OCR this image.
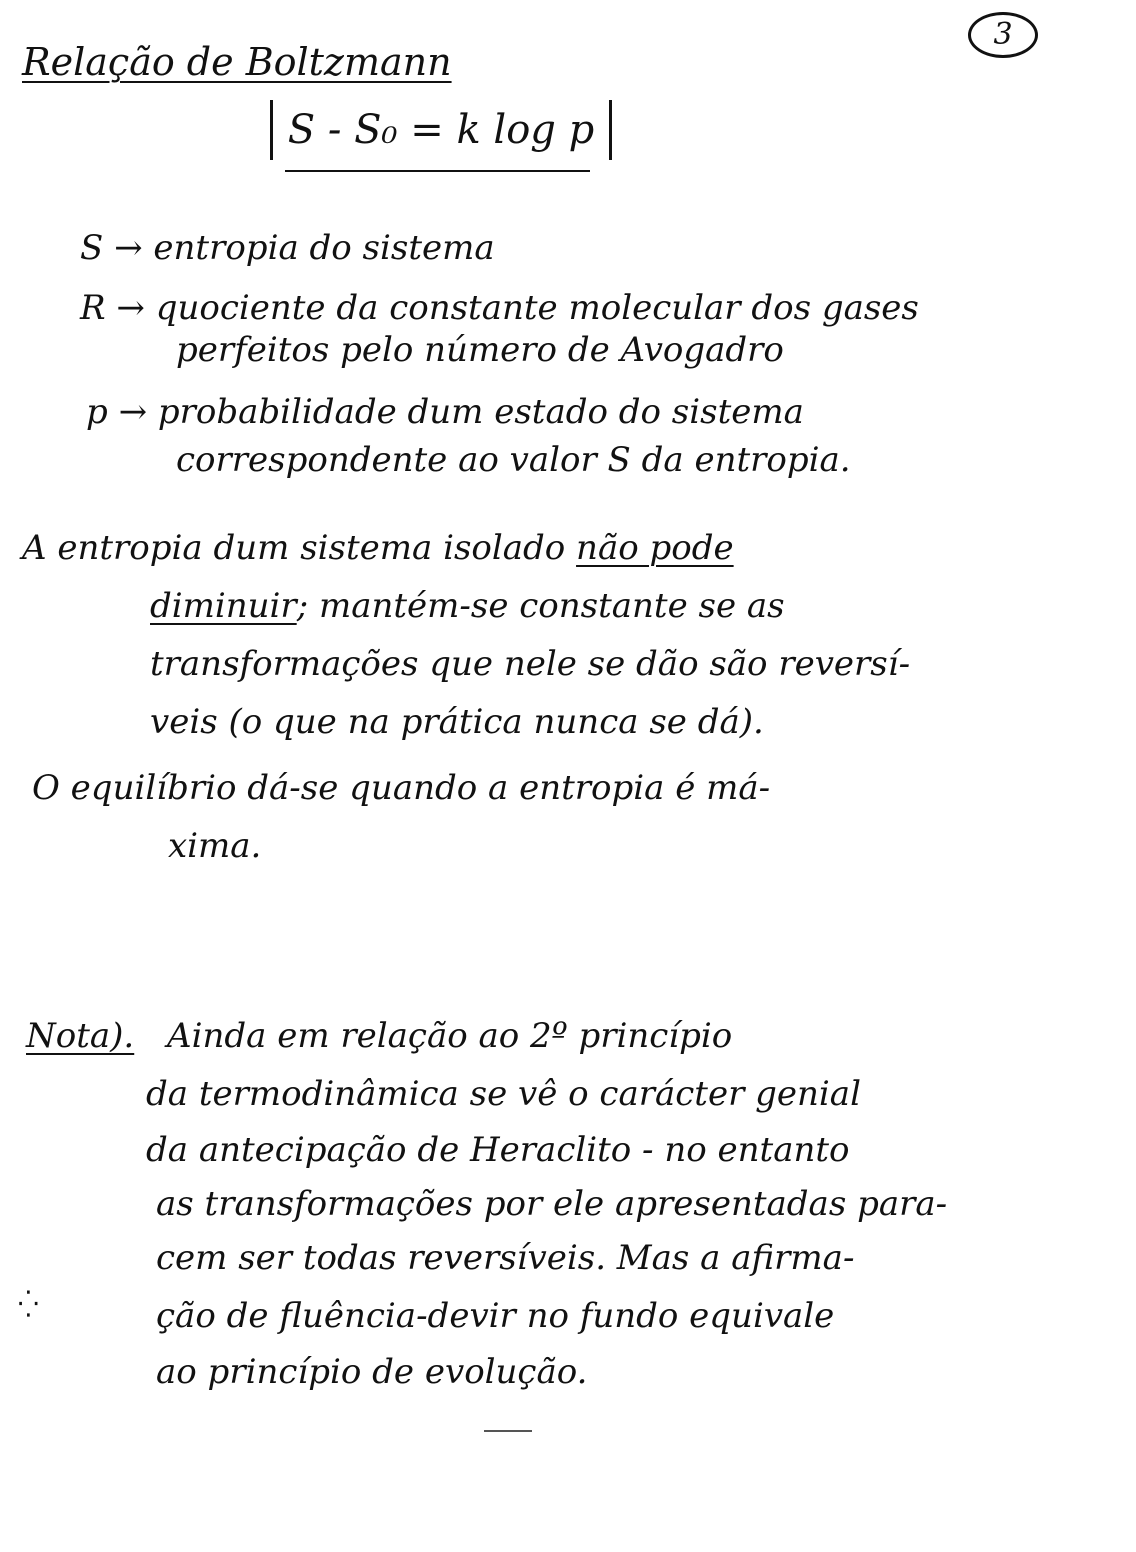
3
Relação de Boltzmann
S - S₀ = k log p
S → entropia do sistema
R → quociente da constante molecular dos gases
perfeitos pelo número de Avogadro
p → probabilidade dum estado do sistema
correspondente ao valor S da entropia.
A entropia dum sistema isolado não pode
diminuir; mantém-se constante se as
transformações que nele se dão são reversí-
veis (o que na prática nunca se dá).
O equilíbrio dá-se quando a entropia é má-
xima.
Nota). Ainda em relação ao 2º princípio
da termodinâmica se vê o carácter genial
da antecipação de Heraclito - no entanto
as transformações por ele apresentadas para-
cem ser todas reversíveis. Mas a afirma-
ção de fluência-devir no fundo equivale
ao princípio de evolução.
⁛
